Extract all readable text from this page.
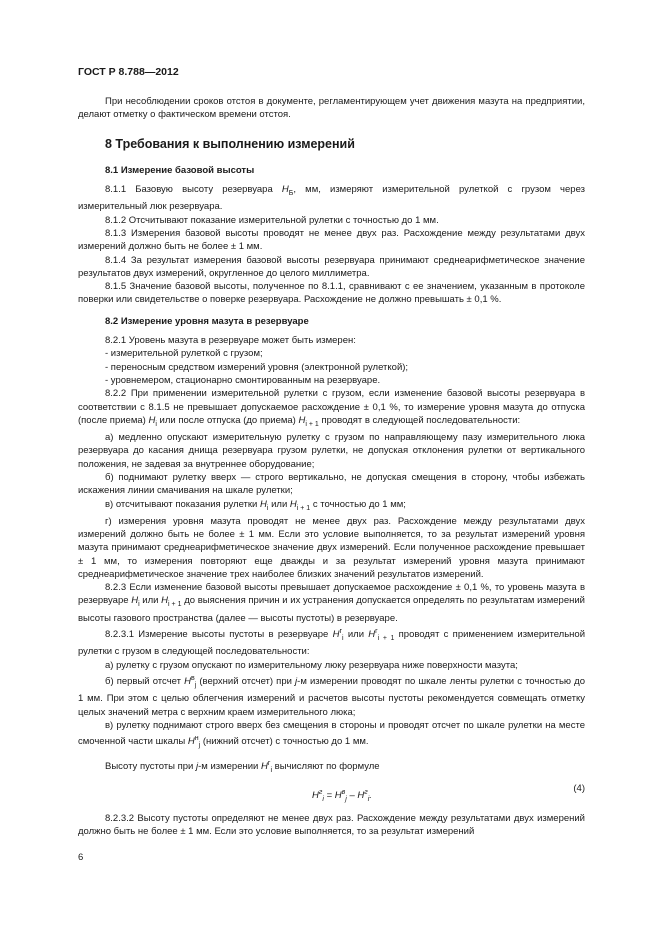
ГОСТ Р 8.788—2012

При несоблюдении сроков отстоя в документе, регламентирующем учет движения мазута на предприятии, делают отметку о фактическом времени отстоя.

8 Требования к выполнению измерений
8.1 Измерение базовой высоты

8.1.1 Базовую высоту резервуара $H_Б$, мм, измеряют измерительной рулеткой с грузом через измерительный люк резервуара.

8.1.2 Отсчитывают показание измерительной рулетки с точностью до 1 мм.

8.1.3 Измерения базовой высоты проводят не менее двух раз. Расхождение между результатами двух измерений должно быть не более ± 1 мм.

8.1.4 За результат измерения базовой высоты резервуара принимают среднеарифметическое значение результатов двух измерений, округленное до целого миллиметра.

8.1.5 Значение базовой высоты, полученное по 8.1.1, сравнивают с ее значением, указанным в протоколе поверки или свидетельстве о поверке резервуара. Расхождение не должно превышать ± 0,1 %.

8.2 Измерение уровня мазута в резервуаре

8.2.1 Уровень мазута в резервуаре может быть измерен:

- измерительной рулеткой с грузом;

- переносным средством измерений уровня (электронной рулеткой);

- уровнемером, стационарно смонтированным на резервуаре.

8.2.2 При применении измерительной рулетки с грузом, если изменение базовой высоты резервуара в соответствии с 8.1.5 не превышает допускаемое расхождение ± 0,1 %, то измерение уровня мазута до отпуска (после приема) $H_i$ или после отпуска (до приема) $H_{i + 1}$ проводят в следующей последовательности:

а) медленно опускают измерительную рулетку с грузом по направляющему пазу измерительного люка резервуара до касания днища резервуара грузом рулетки, не допуская отклонения рулетки от вертикального положения, не задевая за внутреннее оборудование;

б) поднимают рулетку вверх — строго вертикально, не допуская смещения в сторону, чтобы избежать искажения линии смачивания на шкале рулетки;

в) отсчитывают показания рулетки $H_i$ или $H_{i + 1}$ с точностью до 1 мм;

г) измерения уровня мазута проводят не менее двух раз. Расхождение между результатами двух измерений должно быть не более ± 1 мм. Если это условие выполняется, то за результат измерений уровня мазута принимают среднеарифметическое значение двух измерений. Если полученное расхождение превышает ± 1 мм, то измерения повторяют еще дважды и за результат измерений уровня мазута принимают среднеарифметическое значение трех наиболее близких значений результатов измерений.

8.2.3 Если изменение базовой высоты превышает допускаемое расхождение ± 0,1 %, то уровень мазута в резервуаре $H_i$ или $H_{i + 1}$ до выяснения причин и их устранения допускается определять по результатам измерений высоты газового пространства (далее — высоты пустоты) в резервуаре.

8.2.3.1 Измерение высоты пустоты в резервуаре $H^г_i$ или $H^г_{i + 1}$ проводят с применением измерительной рулетки с грузом в следующей последовательности:

а) рулетку с грузом опускают по измерительному люку резервуара ниже поверхности мазута;

б) первый отсчет $H^в_j$ (верхний отсчет) при j-м измерении проводят по шкале ленты рулетки с точностью до 1 мм. При этом с целью облегчения измерений и расчетов высоты пустоты рекомендуется совмещать отметку целых значений метра с верхним краем измерительного люка;

в) рулетку поднимают строго вверх без смещения в стороны и проводят отсчет по шкале рулетки на месте смоченной части шкалы $H^н_j$ (нижний отсчет) с точностью до 1 мм.

Высоту пустоты при j-м измерении $H^г_i$ вычисляют по формуле

$H^г_i = H^в_j - H^г_i$.
(4)

8.2.3.2 Высоту пустоты определяют не менее двух раз. Расхождение между результатами двух измерений должно быть не более ± 1 мм. Если это условие выполняется, то за результат измерений

6
